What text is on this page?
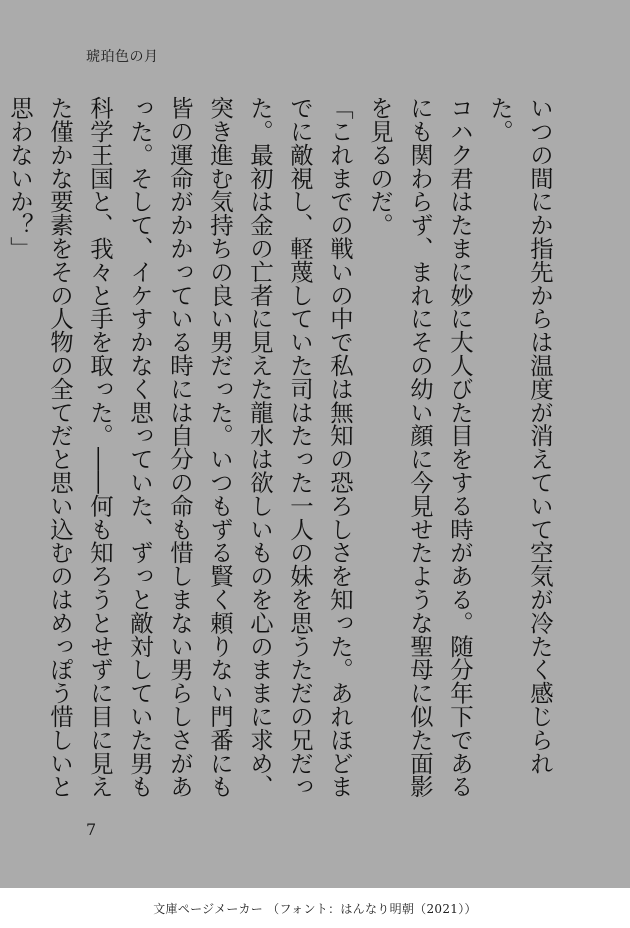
琥珀色の月

いつの間にか指先からは温度が消えていて空気が冷たく感じられた。

コハク君はたまに妙に大人びた目をする時がある。随分年下であるにも関わらず、まれにその幼い顔に今見せたような聖母に似た面影を見るのだ。

「これまでの戦いの中で私は無知の恐ろしさを知った。あれほどまでに敵視し、軽蔑していた司はたった一人の妹を思うただの兄だった。最初は金の亡者に見えた龍水は欲しいものを心のままに求め、突き進む気持ちの良い男だった。いつもずる賢く頼りない門番にも皆の運命がかかっている時には自分の命も惜しまない男らしさがあった。そして、イケすかなく思っていた、ずっと敵対していた男も科学王国と、我々と手を取った。――何も知ろうとせずに目に見えた僅かな要素をその人物の全てだと思い込むのはめっぽう惜しいと思わないか？」

7
文庫ページメーカー （フォント：はんなり明朝（2021））
